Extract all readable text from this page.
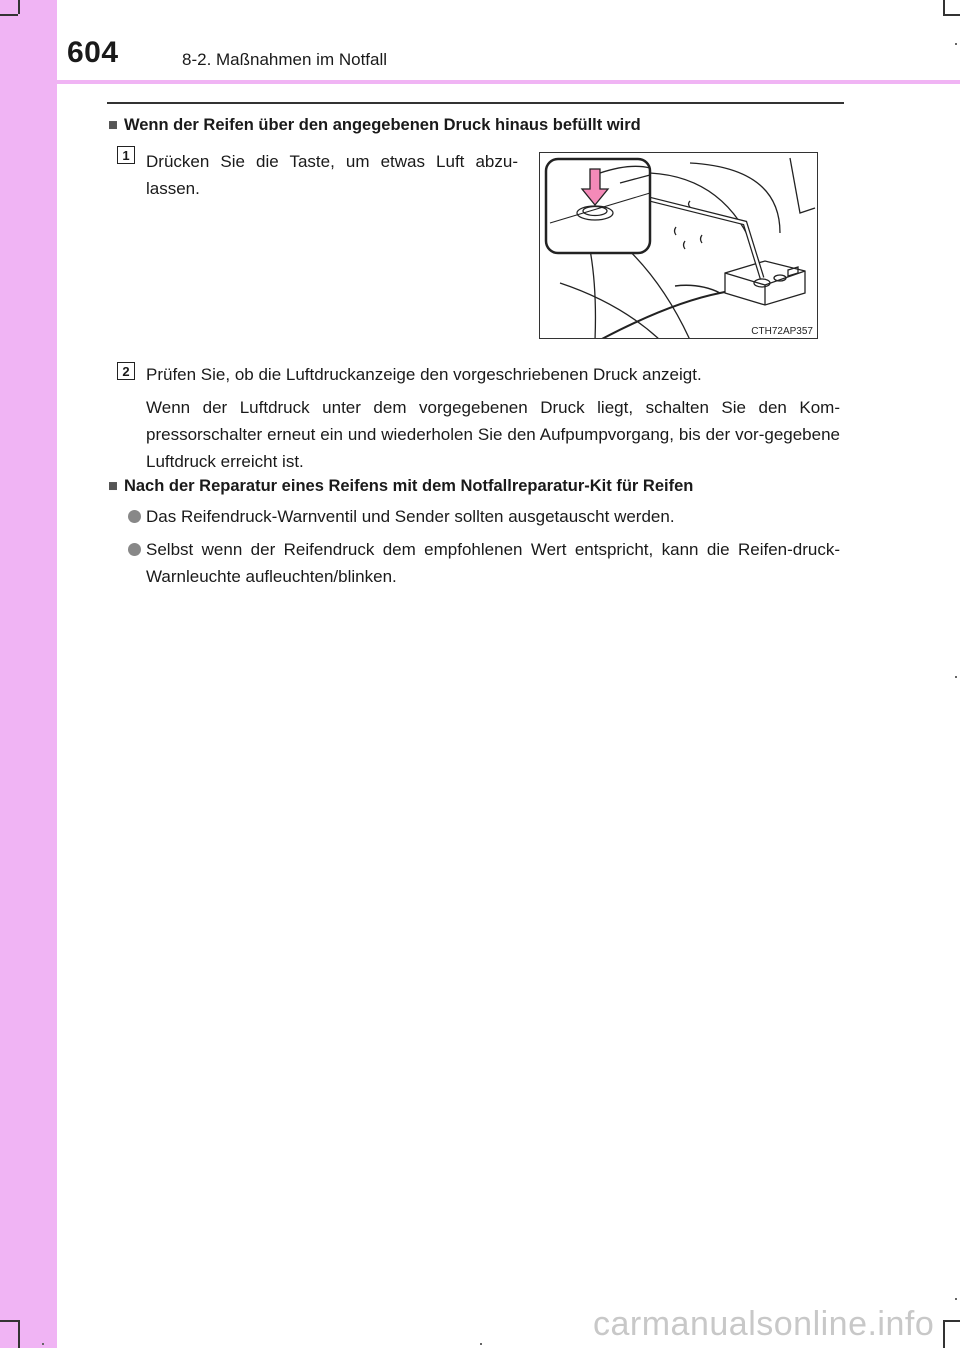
604	8-2. Maßnahmen im Notfall
■ Wenn der Reifen über den angegebenen Druck hinaus befüllt wird
1 Drücken Sie die Taste, um etwas Luft abzu-lassen.
CTH72AP357
2 Prüfen Sie, ob die Luftdruckanzeige den vorgeschriebenen Druck anzeigt.
Wenn der Luftdruck unter dem vorgegebenen Druck liegt, schalten Sie den Kom-pressorschalter erneut ein und wiederholen Sie den Aufpumpvorgang, bis der vor-gegebene Luftdruck erreicht ist.
■ Nach der Reparatur eines Reifens mit dem Notfallreparatur-Kit für Reifen
Das Reifendruck-Warnventil und Sender sollten ausgetauscht werden.
Selbst wenn der Reifendruck dem empfohlenen Wert entspricht, kann die Reifen-druck-Warnleuchte aufleuchten/blinken.
carmanualsonline.info
